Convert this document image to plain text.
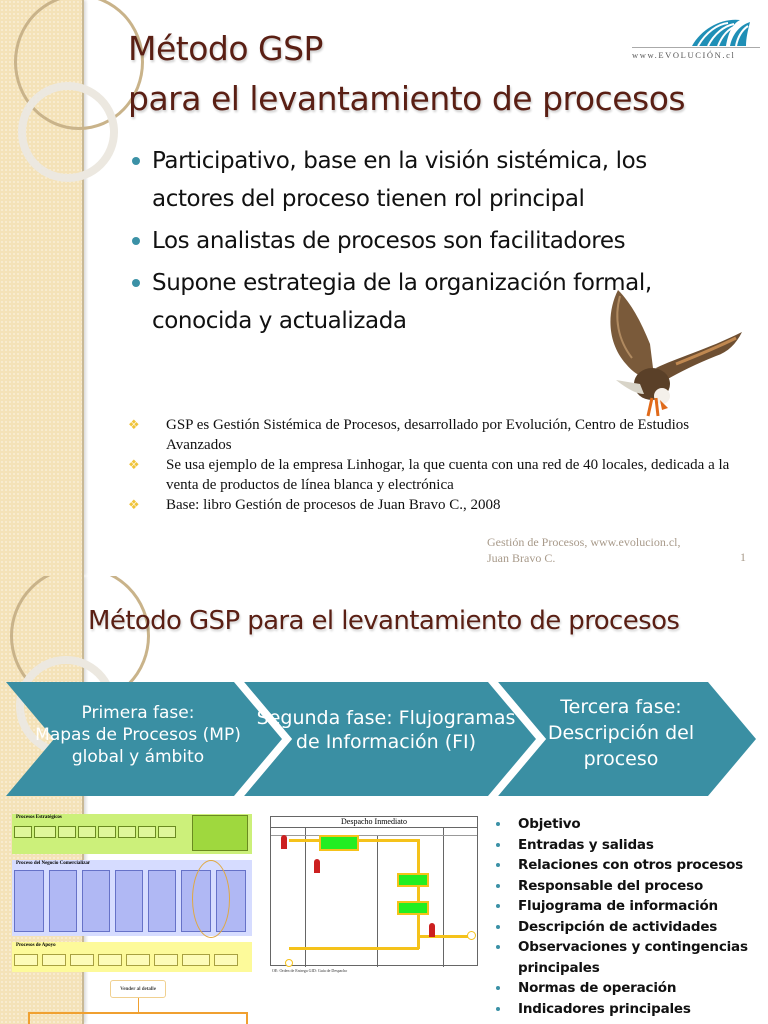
Método GSP
para el levantamiento de procesos
www.EVOLUCIÓN.cl
Participativo, base en la visión sistémica, los actores del proceso tienen rol principal
Los analistas de procesos son facilitadores
Supone estrategia de la organización formal, conocida y actualizada
❖ GSP es Gestión Sistémica de Procesos, desarrollado por Evolución, Centro de Estudios Avanzados
❖ Se usa ejemplo de la empresa Linhogar, la que cuenta con una red de 40 locales, dedicada a la venta de productos de línea blanca y electrónica
❖ Base: libro Gestión de procesos de Juan Bravo C., 2008
Gestión de Procesos, www.evolucion.cl,
Juan Bravo C.	1
Método GSP para el levantamiento de procesos
Primera fase:
Mapas de Procesos (MP)
global y ámbito
Segunda fase: Flujogramas
de Información (FI)
Tercera fase:
Descripción del
proceso
Procesos Estratégicos
Proceso del Negocio Comercializar
Procesos de Apoyo
Vender al detalle
Despacho Inmediato
OE: Orden de Entrega GID: Guía de Despacho
Objetivo
Entradas y salidas
Relaciones con otros procesos
Responsable del proceso
Flujograma de información
Descripción de actividades
Observaciones y contingencias principales
Normas de operación
Indicadores principales
